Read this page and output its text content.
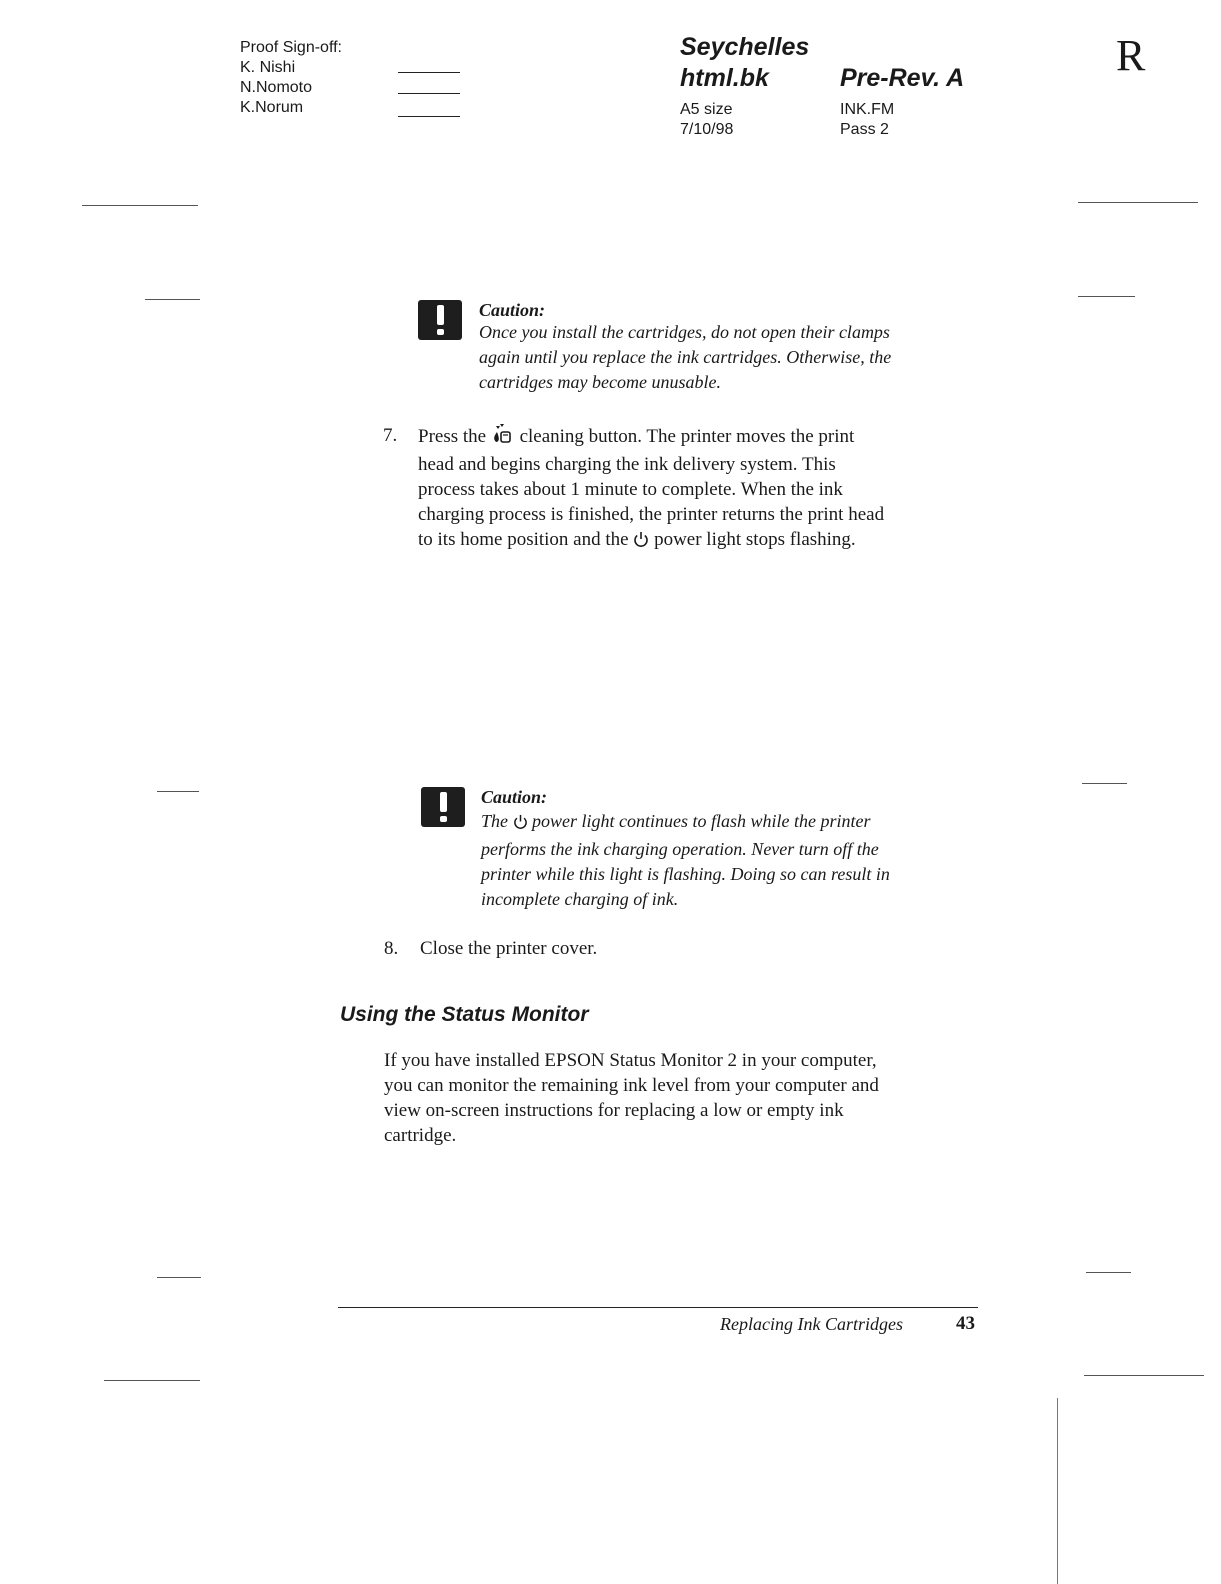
Proof Sign-off:
K. Nishi
N.Nomoto
K.Norum
Seychelles
html.bk	Pre-Rev. A
A5 size	INK.FM
7/10/98	Pass 2
R
Caution:
Once you install the cartridges, do not open their clamps
again until you replace the ink cartridges. Otherwise, the
cartridges may become unusable.
7. Press the cleaning button. The printer moves the print
head and begins charging the ink delivery system. This
process takes about 1 minute to complete. When the ink
charging process is finished, the printer returns the print head
to its home position and the power light stops flashing.
Caution:
The power light continues to flash while the printer
performs the ink charging operation. Never turn off the
printer while this light is flashing. Doing so can result in
incomplete charging of ink.
8. Close the printer cover.
Using the Status Monitor
If you have installed EPSON Status Monitor 2 in your computer,
you can monitor the remaining ink level from your computer and
view on-screen instructions for replacing a low or empty ink
cartridge.
Replacing Ink Cartridges	43
